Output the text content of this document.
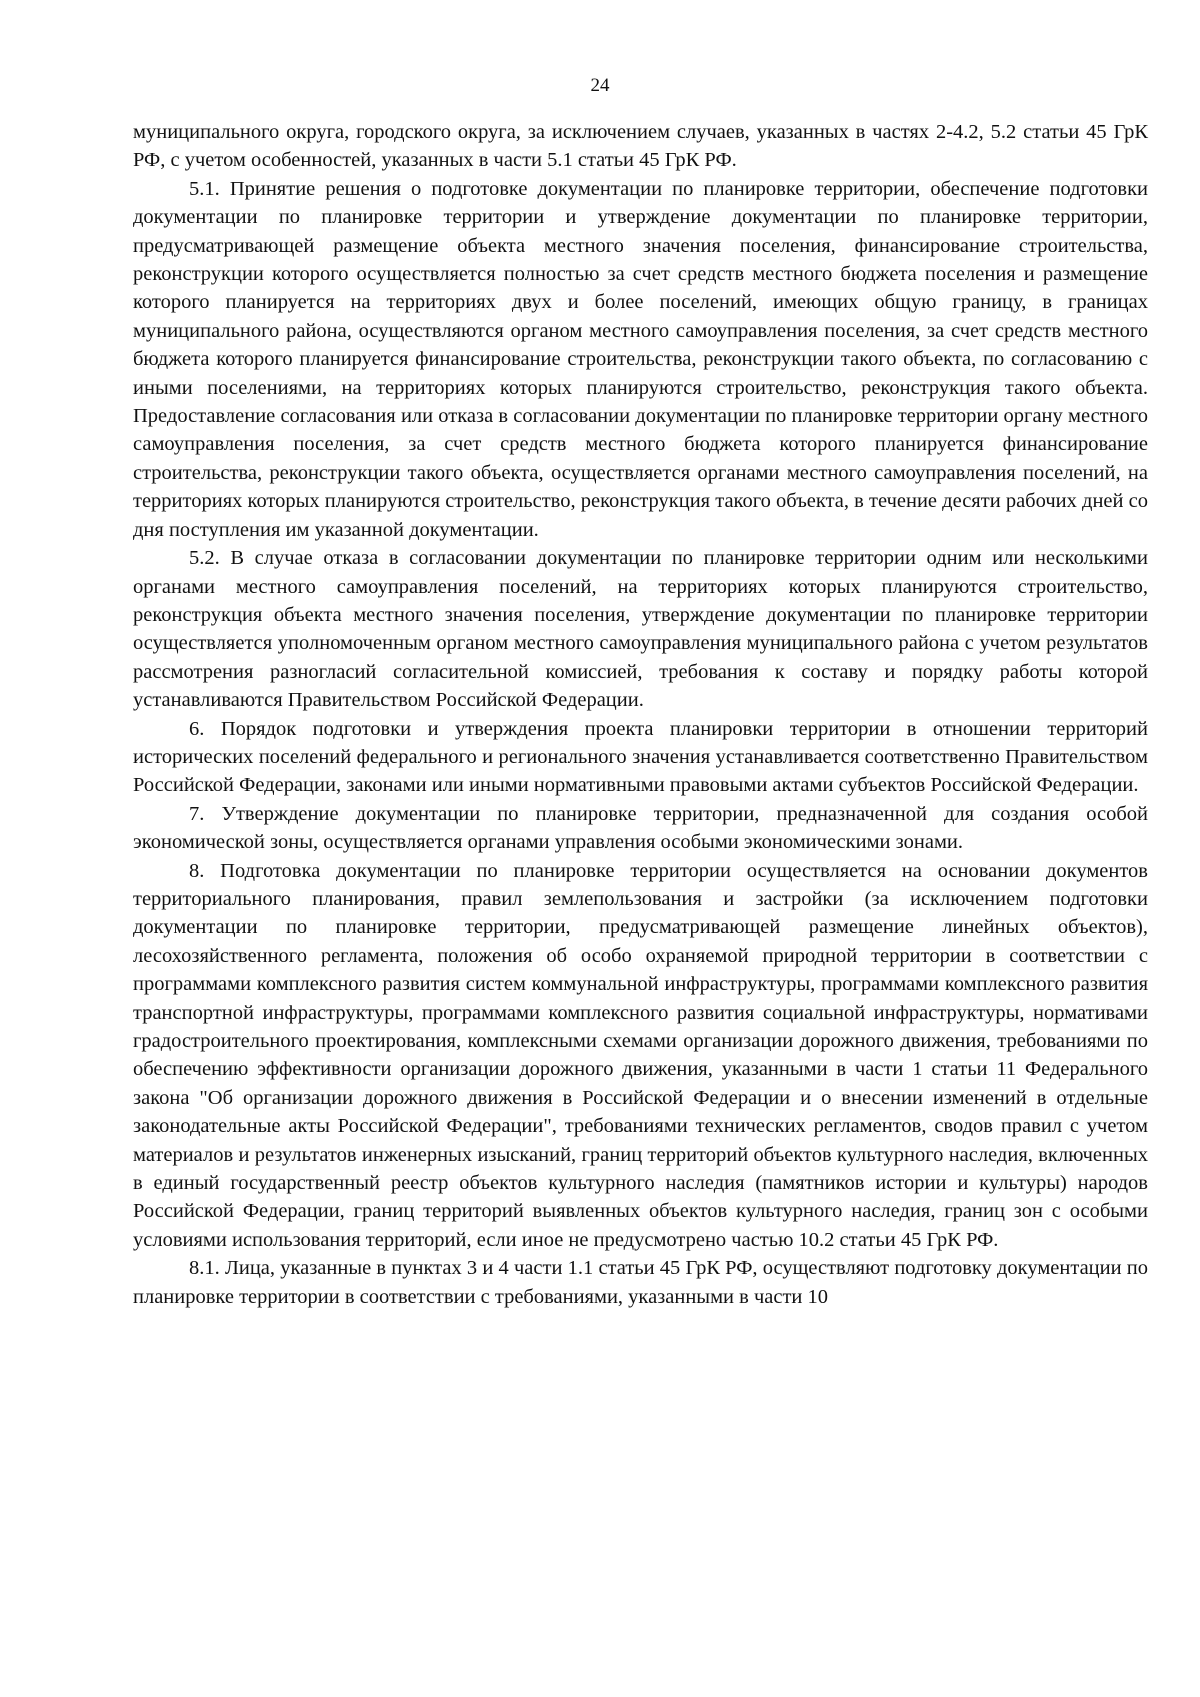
24

муниципального округа, городского округа, за исключением случаев, указанных в частях 2-4.2, 5.2 статьи 45 ГрК РФ, с учетом особенностей, указанных в части 5.1 статьи 45 ГрК РФ.

5.1. Принятие решения о подготовке документации по планировке территории, обеспечение подготовки документации по планировке территории и утверждение документации по планировке территории, предусматривающей размещение объекта местного значения поселения, финансирование строительства, реконструкции которого осуществляется полностью за счет средств местного бюджета поселения и размещение которого планируется на территориях двух и более поселений, имеющих общую границу, в границах муниципального района, осуществляются органом местного самоуправления поселения, за счет средств местного бюджета которого планируется финансирование строительства, реконструкции такого объекта, по согласованию с иными поселениями, на территориях которых планируются строительство, реконструкция такого объекта. Предоставление согласования или отказа в согласовании документации по планировке территории органу местного самоуправления поселения, за счет средств местного бюджета которого планируется финансирование строительства, реконструкции такого объекта, осуществляется органами местного самоуправления поселений, на территориях которых планируются строительство, реконструкция такого объекта, в течение десяти рабочих дней со дня поступления им указанной документации.

5.2. В случае отказа в согласовании документации по планировке территории одним или несколькими органами местного самоуправления поселений, на территориях которых планируются строительство, реконструкция объекта местного значения поселения, утверждение документации по планировке территории осуществляется уполномоченным органом местного самоуправления муниципального района с учетом результатов рассмотрения разногласий согласительной комиссией, требования к составу и порядку работы которой устанавливаются Правительством Российской Федерации.

6. Порядок подготовки и утверждения проекта планировки территории в отношении территорий исторических поселений федерального и регионального значения устанавливается соответственно Правительством Российской Федерации, законами или иными нормативными правовыми актами субъектов Российской Федерации.

7. Утверждение документации по планировке территории, предназначенной для создания особой экономической зоны, осуществляется органами управления особыми экономическими зонами.

8. Подготовка документации по планировке территории осуществляется на основании документов территориального планирования, правил землепользования и застройки (за исключением подготовки документации по планировке территории, предусматривающей размещение линейных объектов), лесохозяйственного регламента, положения об особо охраняемой природной территории в соответствии с программами комплексного развития систем коммунальной инфраструктуры, программами комплексного развития транспортной инфраструктуры, программами комплексного развития социальной инфраструктуры, нормативами градостроительного проектирования, комплексными схемами организации дорожного движения, требованиями по обеспечению эффективности организации дорожного движения, указанными в части 1 статьи 11 Федерального закона "Об организации дорожного движения в Российской Федерации и о внесении изменений в отдельные законодательные акты Российской Федерации", требованиями технических регламентов, сводов правил с учетом материалов и результатов инженерных изысканий, границ территорий объектов культурного наследия, включенных в единый государственный реестр объектов культурного наследия (памятников истории и культуры) народов Российской Федерации, границ территорий выявленных объектов культурного наследия, границ зон с особыми условиями использования территорий, если иное не предусмотрено частью 10.2 статьи 45 ГрК РФ.

8.1. Лица, указанные в пунктах 3 и 4 части 1.1 статьи 45 ГрК РФ, осуществляют подготовку документации по планировке территории в соответствии с требованиями, указанными в части 10
